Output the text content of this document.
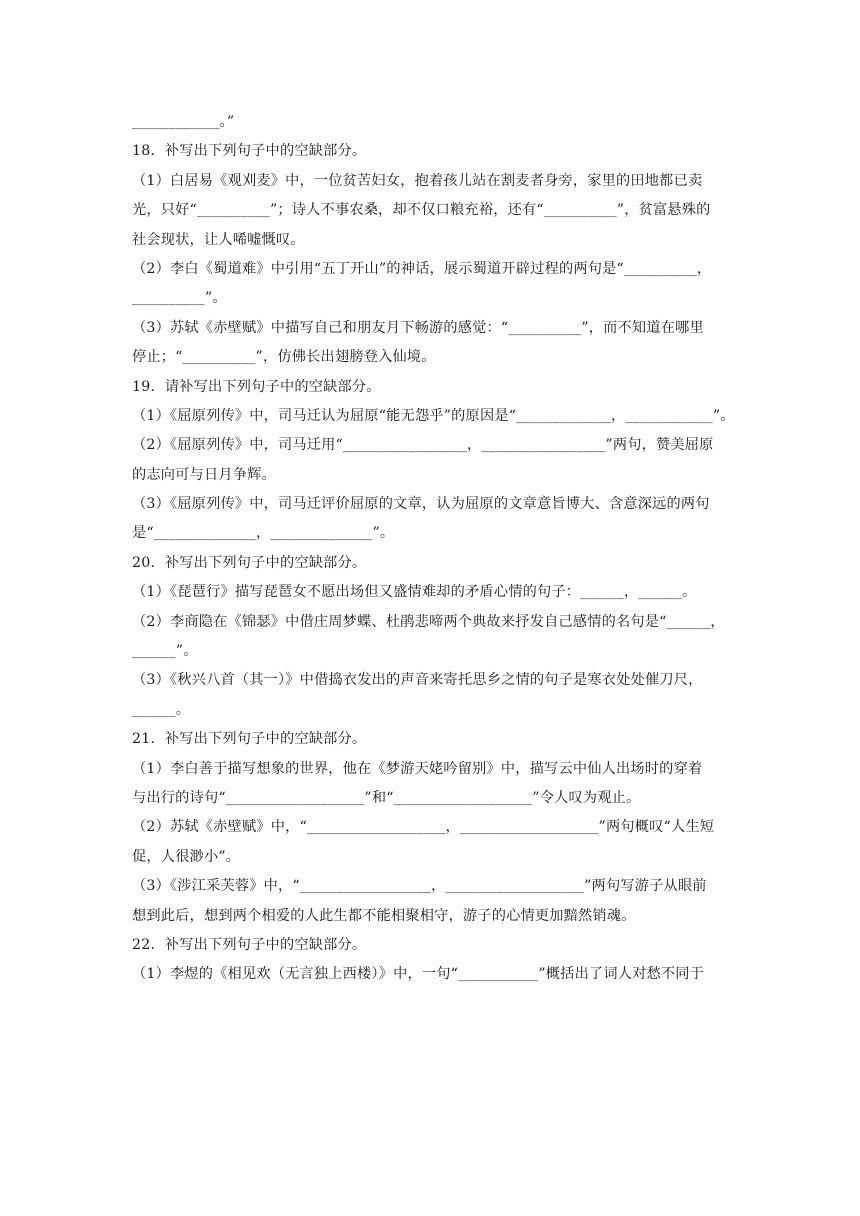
____________。”
18．补写出下列句子中的空缺部分。
（1）白居易《观刈麦》中，一位贫苦妇女，抱着孩儿站在割麦者身旁，家里的田地都已卖
光，只好“__________”；诗人不事农桑，却不仅口粮充裕，还有“__________”，贫富悬殊的
社会现状，让人唏嘘慨叹。
（2）李白《蜀道难》中引用“五丁开山”的神话，展示蜀道开辟过程的两句是“__________，
__________”。
（3）苏轼《赤壁赋》中描写自己和朋友月下畅游的感觉：“__________”，而不知道在哪里
停止；“__________”，仿佛长出翅膀登入仙境。
19．请补写出下列句子中的空缺部分。
（1）《屈原列传》中，司马迁认为屈原“能无怨乎”的原因是“_____________，____________”。
（2）《屈原列传》中，司马迁用“_________________，_________________”两句，赞美屈原
的志向可与日月争辉。
（3）《屈原列传》中，司马迁评价屈原的文章，认为屈原的文章意旨博大、含意深远的两句
是“______________，______________”。
20．补写出下列句子中的空缺部分。
（1）《琵琶行》描写琵琶女不愿出场但又盛情难却的矛盾心情的句子：______，______。
（2）李商隐在《锦瑟》中借庄周梦蝶、杜鹃悲啼两个典故来抒发自己感情的名句是“______，
______”。
（3）《秋兴八首（其一）》中借捣衣发出的声音来寄托思乡之情的句子是寒衣处处催刀尺，
______。
21．补写出下列句子中的空缺部分。
（1）李白善于描写想象的世界，他在《梦游天姥吟留别》中，描写云中仙人出场时的穿着
与出行的诗句“___________________”和“___________________”令人叹为观止。
（2）苏轼《赤壁赋》中，“___________________，___________________”两句概叹“人生短
促，人很渺小”。
（3）《涉江采芙蓉》中，“__________________，___________________”两句写游子从眼前
想到此后，想到两个相爱的人此生都不能相聚相守，游子的心情更加黯然销魂。
22．补写出下列句子中的空缺部分。
（1）李煜的《相见欢（无言独上西楼）》中，一句“___________”概括出了词人对愁不同于
